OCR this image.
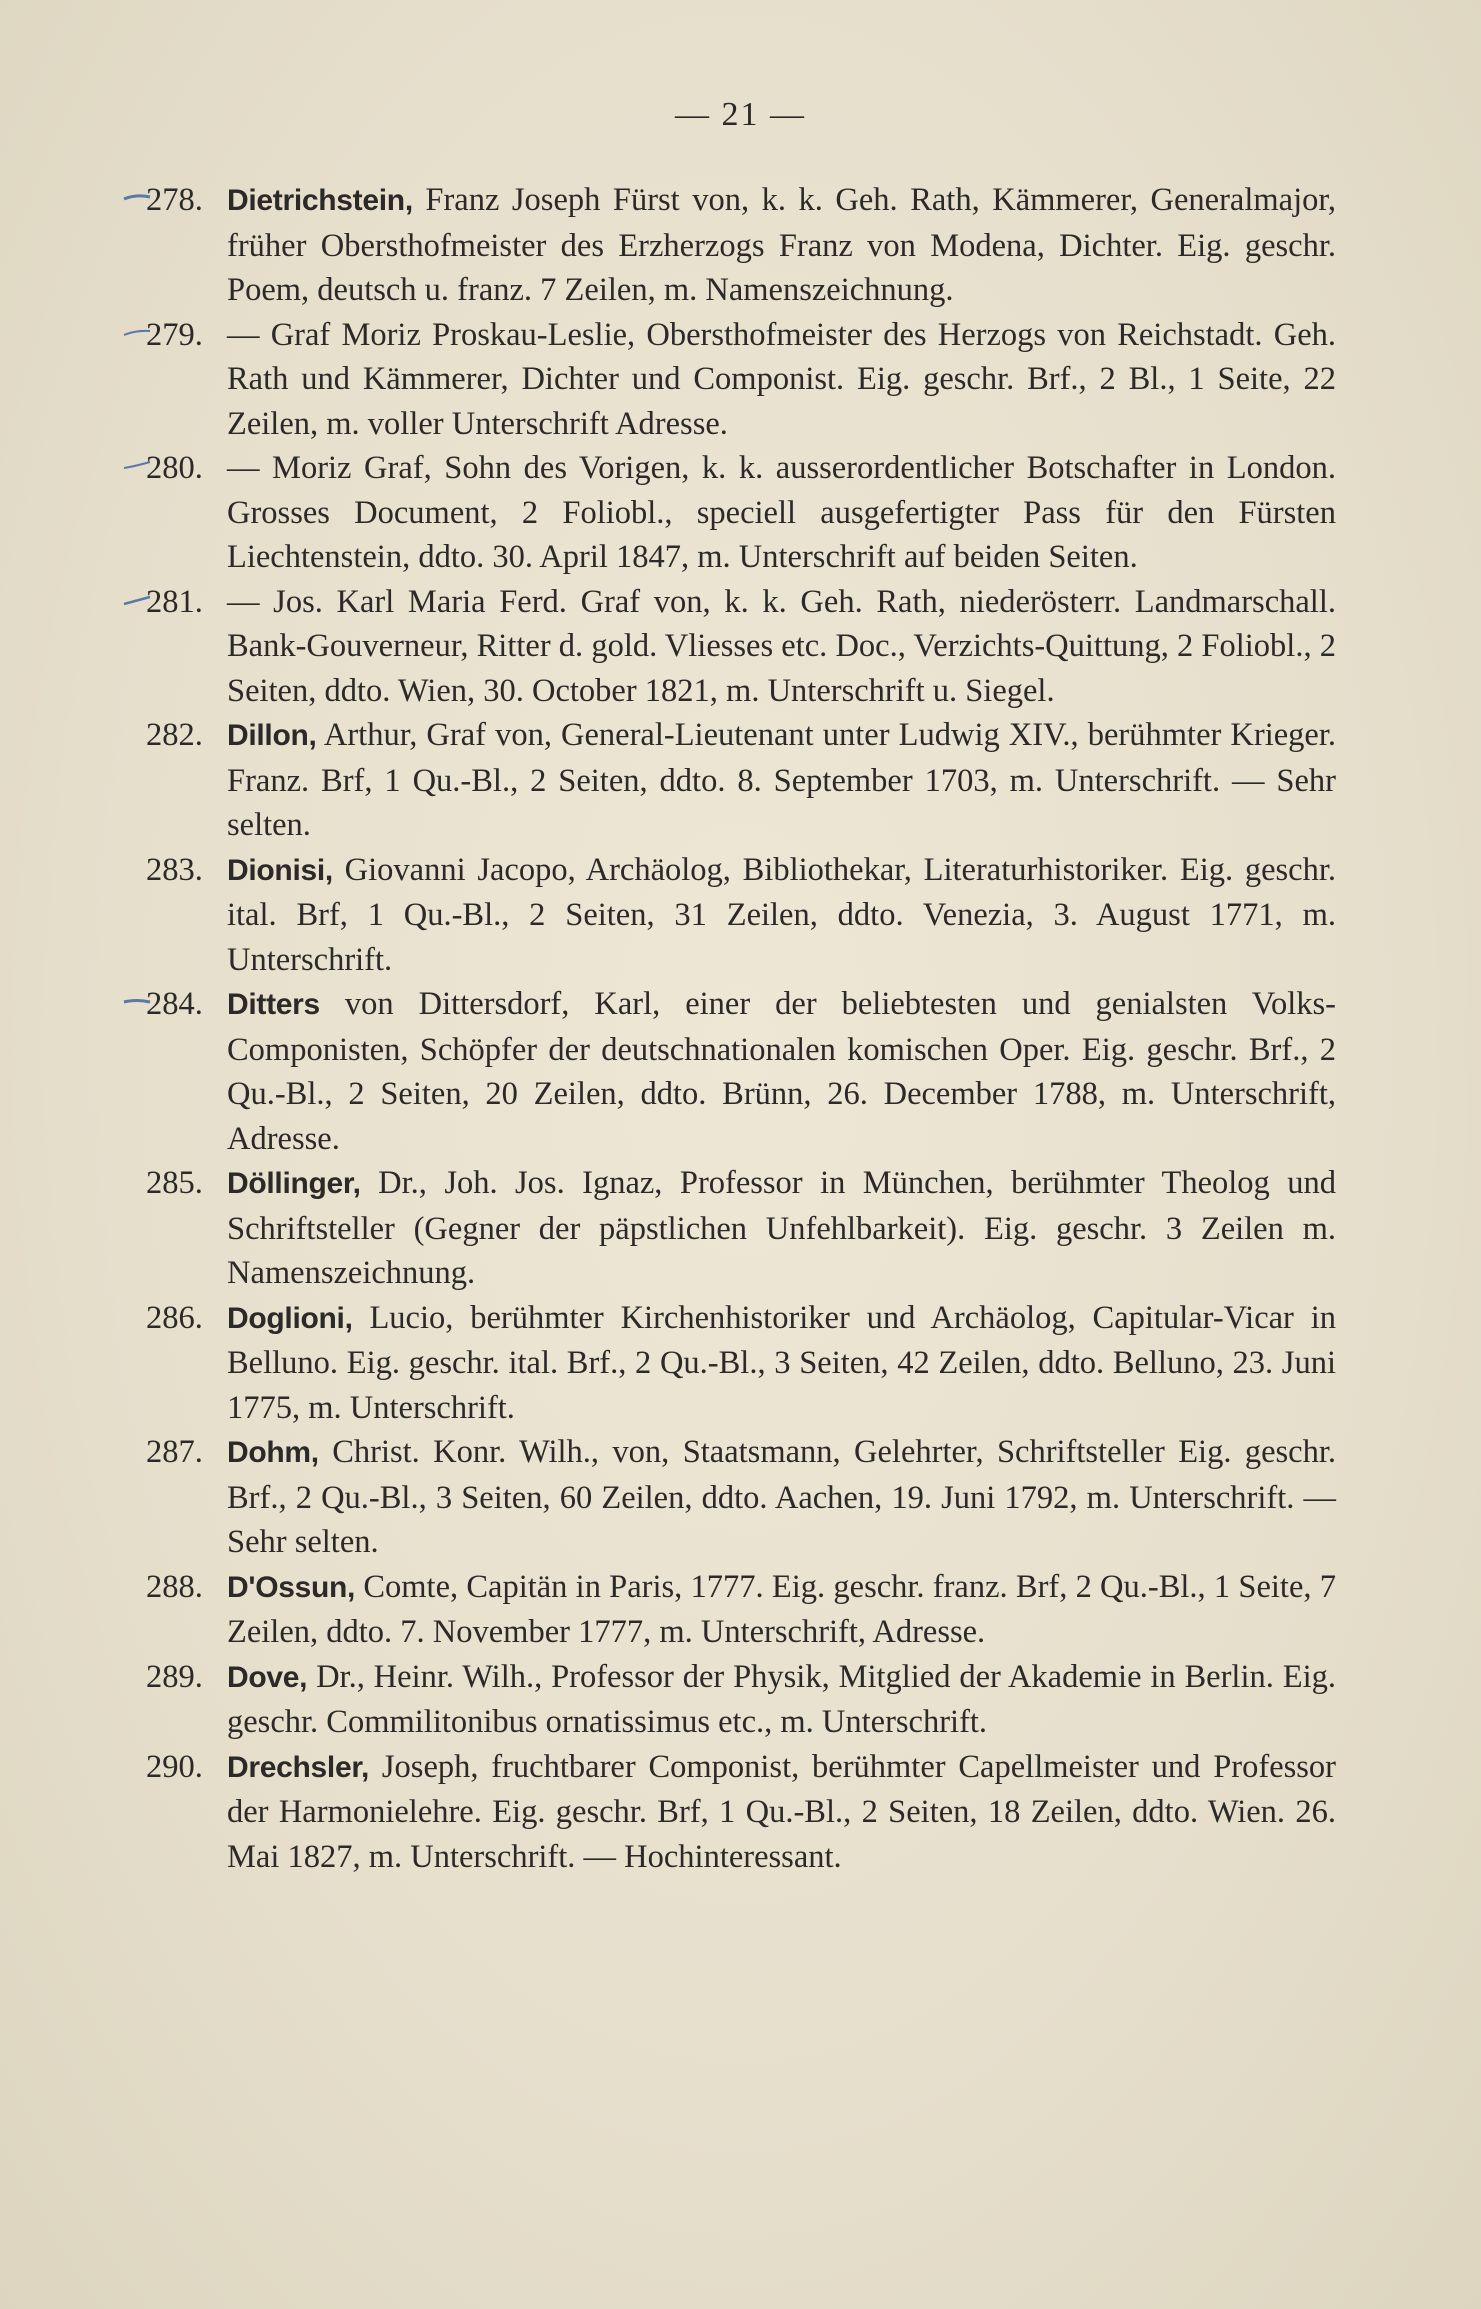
— 21 —
278. Dietrichstein, Franz Joseph Fürst von, k. k. Geh. Rath, Kämmerer, Generalmajor, früher Obersthofmeister des Erzherzogs Franz von Modena, Dichter. Eig. geschr. Poem, deutsch u. franz. 7 Zeilen, m. Namenszeichnung.
279. — Graf Moriz Proskau-Leslie, Obersthofmeister des Herzogs von Reichstadt. Geh. Rath und Kämmerer, Dichter und Componist. Eig. geschr. Brf., 2 Bl., 1 Seite, 22 Zeilen, m. voller Unterschrift Adresse.
280. — Moriz Graf, Sohn des Vorigen, k. k. ausserordentlicher Botschafter in London. Grosses Document, 2 Foliobl., speciell ausgefertigter Pass für den Fürsten Liechtenstein, ddto. 30. April 1847, m. Unterschrift auf beiden Seiten.
281. — Jos. Karl Maria Ferd. Graf von, k. k. Geh. Rath, niederösterr. Landmarschall. Bank-Gouverneur, Ritter d. gold. Vliesses etc. Doc., Verzichts-Quittung, 2 Foliobl., 2 Seiten, ddto. Wien, 30. October 1821, m. Unterschrift u. Siegel.
282. Dillon, Arthur, Graf von, General-Lieutenant unter Ludwig XIV., berühmter Krieger. Franz. Brf, 1 Qu.-Bl., 2 Seiten, ddto. 8. September 1703, m. Unterschrift. — Sehr selten.
283. Dionisi, Giovanni Jacopo, Archäolog, Bibliothekar, Literaturhistoriker. Eig. geschr. ital. Brf, 1 Qu.-Bl., 2 Seiten, 31 Zeilen, ddto. Venezia, 3. August 1771, m. Unterschrift.
284. Ditters von Dittersdorf, Karl, einer der beliebtesten und genialsten Volks-Componisten, Schöpfer der deutschnationalen komischen Oper. Eig. geschr. Brf., 2 Qu.-Bl., 2 Seiten, 20 Zeilen, ddto. Brünn, 26. December 1788, m. Unterschrift, Adresse.
285. Döllinger, Dr., Joh. Jos. Ignaz, Professor in München, berühmter Theolog und Schriftsteller (Gegner der päpstlichen Unfehlbarkeit). Eig. geschr. 3 Zeilen m. Namenszeichnung.
286. Doglioni, Lucio, berühmter Kirchenhistoriker und Archäolog, Capitular-Vicar in Belluno. Eig. geschr. ital. Brf., 2 Qu.-Bl., 3 Seiten, 42 Zeilen, ddto. Belluno, 23. Juni 1775, m. Unterschrift.
287. Dohm, Christ. Konr. Wilh., von, Staatsmann, Gelehrter, Schriftsteller Eig. geschr. Brf., 2 Qu.-Bl., 3 Seiten, 60 Zeilen, ddto. Aachen, 19. Juni 1792, m. Unterschrift. — Sehr selten.
288. D'Ossun, Comte, Capitän in Paris, 1777. Eig. geschr. franz. Brf, 2 Qu.-Bl., 1 Seite, 7 Zeilen, ddto. 7. November 1777, m. Unterschrift, Adresse.
289. Dove, Dr., Heinr. Wilh., Professor der Physik, Mitglied der Akademie in Berlin. Eig. geschr. Commilitonibus ornatissimus etc., m. Unterschrift.
290. Drechsler, Joseph, fruchtbarer Componist, berühmter Capellmeister und Professor der Harmonielehre. Eig. geschr. Brf, 1 Qu.-Bl., 2 Seiten, 18 Zeilen, ddto. Wien. 26. Mai 1827, m. Unterschrift. — Hochinteressant.
